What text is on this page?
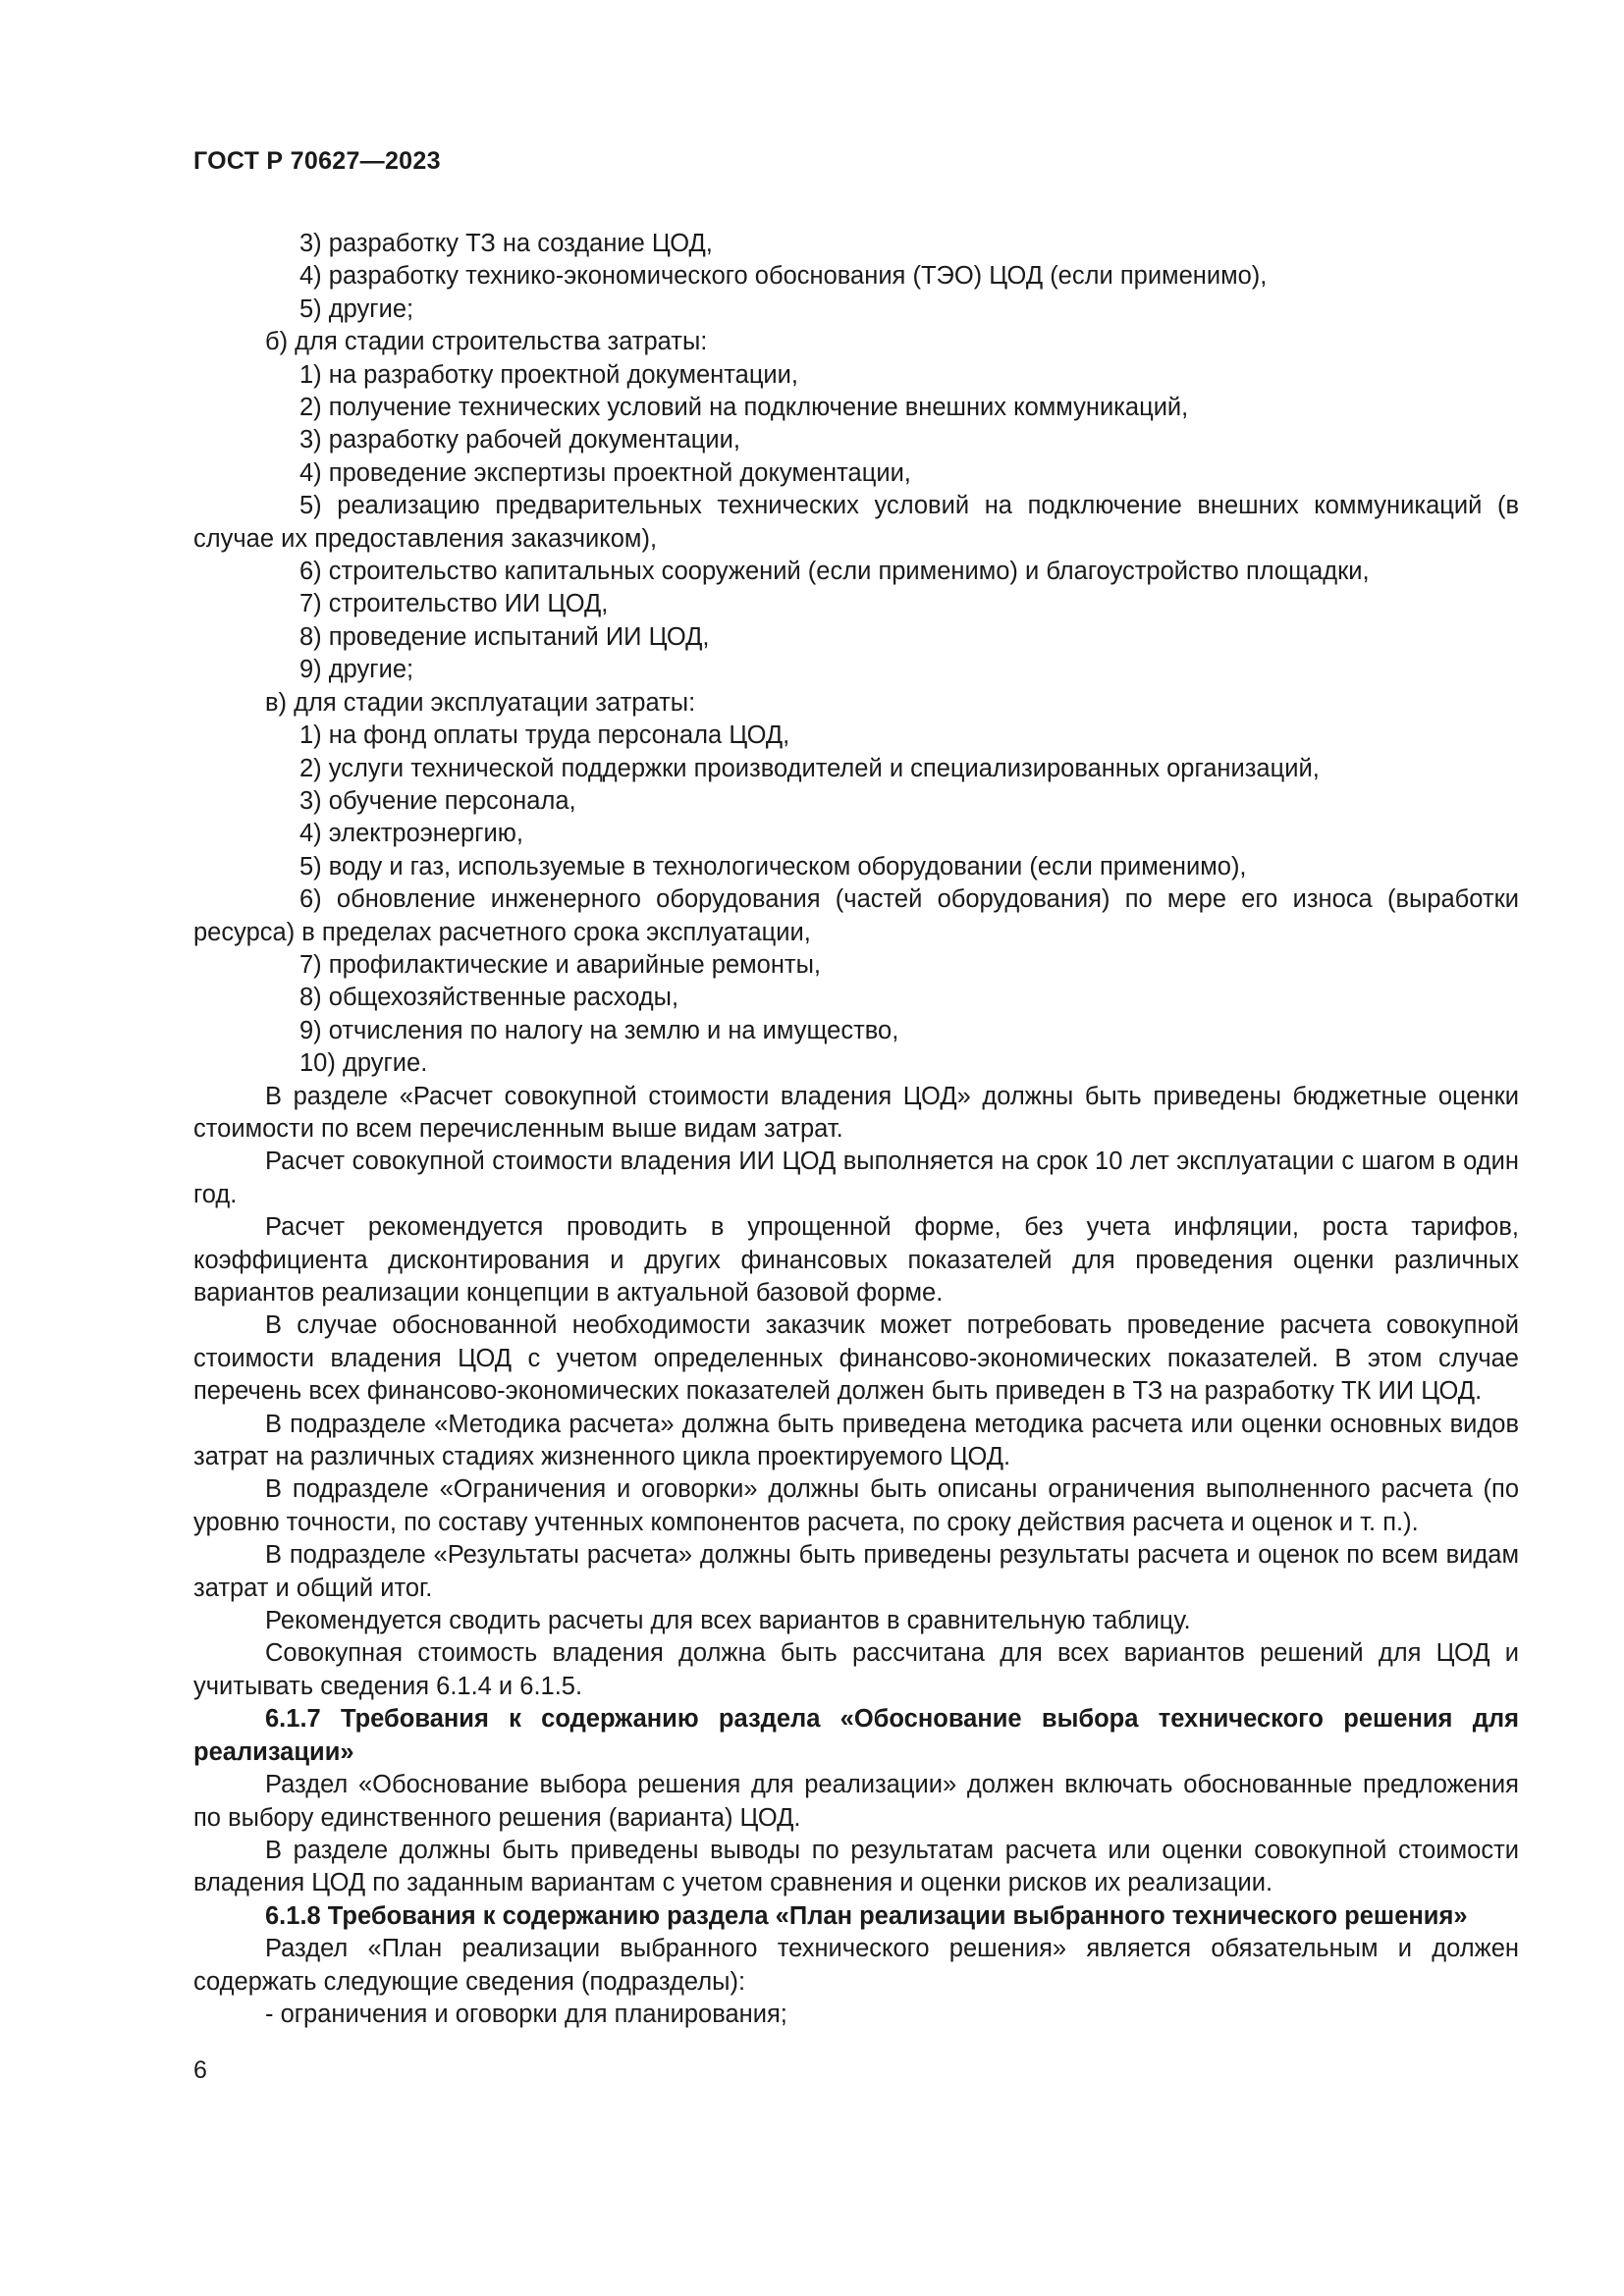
ГОСТ Р 70627—2023

3) разработку ТЗ на создание ЦОД,

4) разработку технико-экономического обоснования (ТЭО) ЦОД (если применимо),

5) другие;

б) для стадии строительства затраты:

1) на разработку проектной документации,

2) получение технических условий на подключение внешних коммуникаций,

3) разработку рабочей документации,

4) проведение экспертизы проектной документации,

5) реализацию предварительных технических условий на подключение внешних коммуникаций (в случае их предоставления заказчиком),

6) строительство капитальных сооружений (если применимо) и благоустройство площадки,

7) строительство ИИ ЦОД,

8) проведение испытаний ИИ ЦОД,

9) другие;

в) для стадии эксплуатации затраты:

1) на фонд оплаты труда персонала ЦОД,

2) услуги технической поддержки производителей и специализированных организаций,

3) обучение персонала,

4) электроэнергию,

5) воду и газ, используемые в технологическом оборудовании (если применимо),

6) обновление инженерного оборудования (частей оборудования) по мере его износа (выработки ресурса) в пределах расчетного срока эксплуатации,

7) профилактические и аварийные ремонты,

8) общехозяйственные расходы,

9) отчисления по налогу на землю и на имущество,

10) другие.

В разделе «Расчет совокупной стоимости владения ЦОД» должны быть приведены бюджетные оценки стоимости по всем перечисленным выше видам затрат.

Расчет совокупной стоимости владения ИИ ЦОД выполняется на срок 10 лет эксплуатации с шагом в один год.

Расчет рекомендуется проводить в упрощенной форме, без учета инфляции, роста тарифов, коэффициента дисконтирования и других финансовых показателей для проведения оценки различных вариантов реализации концепции в актуальной базовой форме.

В случае обоснованной необходимости заказчик может потребовать проведение расчета совокупной стоимости владения ЦОД с учетом определенных финансово-экономических показателей. В этом случае перечень всех финансово-экономических показателей должен быть приведен в ТЗ на разработку ТК ИИ ЦОД.

В подразделе «Методика расчета» должна быть приведена методика расчета или оценки основных видов затрат на различных стадиях жизненного цикла проектируемого ЦОД.

В подразделе «Ограничения и оговорки» должны быть описаны ограничения выполненного расчета (по уровню точности, по составу учтенных компонентов расчета, по сроку действия расчета и оценок и т. п.).

В подразделе «Результаты расчета» должны быть приведены результаты расчета и оценок по всем видам затрат и общий итог.

Рекомендуется сводить расчеты для всех вариантов в сравнительную таблицу.

Совокупная стоимость владения должна быть рассчитана для всех вариантов решений для ЦОД и учитывать сведения 6.1.4 и 6.1.5.

6.1.7 Требования к содержанию раздела «Обоснование выбора технического решения для реализации»

Раздел «Обоснование выбора решения для реализации» должен включать обоснованные предложения по выбору единственного решения (варианта) ЦОД.

В разделе должны быть приведены выводы по результатам расчета или оценки совокупной стоимости владения ЦОД по заданным вариантам с учетом сравнения и оценки рисков их реализации.

6.1.8 Требования к содержанию раздела «План реализации выбранного технического решения»

Раздел «План реализации выбранного технического решения» является обязательным и должен содержать следующие сведения (подразделы):

- ограничения и оговорки для планирования;

6
